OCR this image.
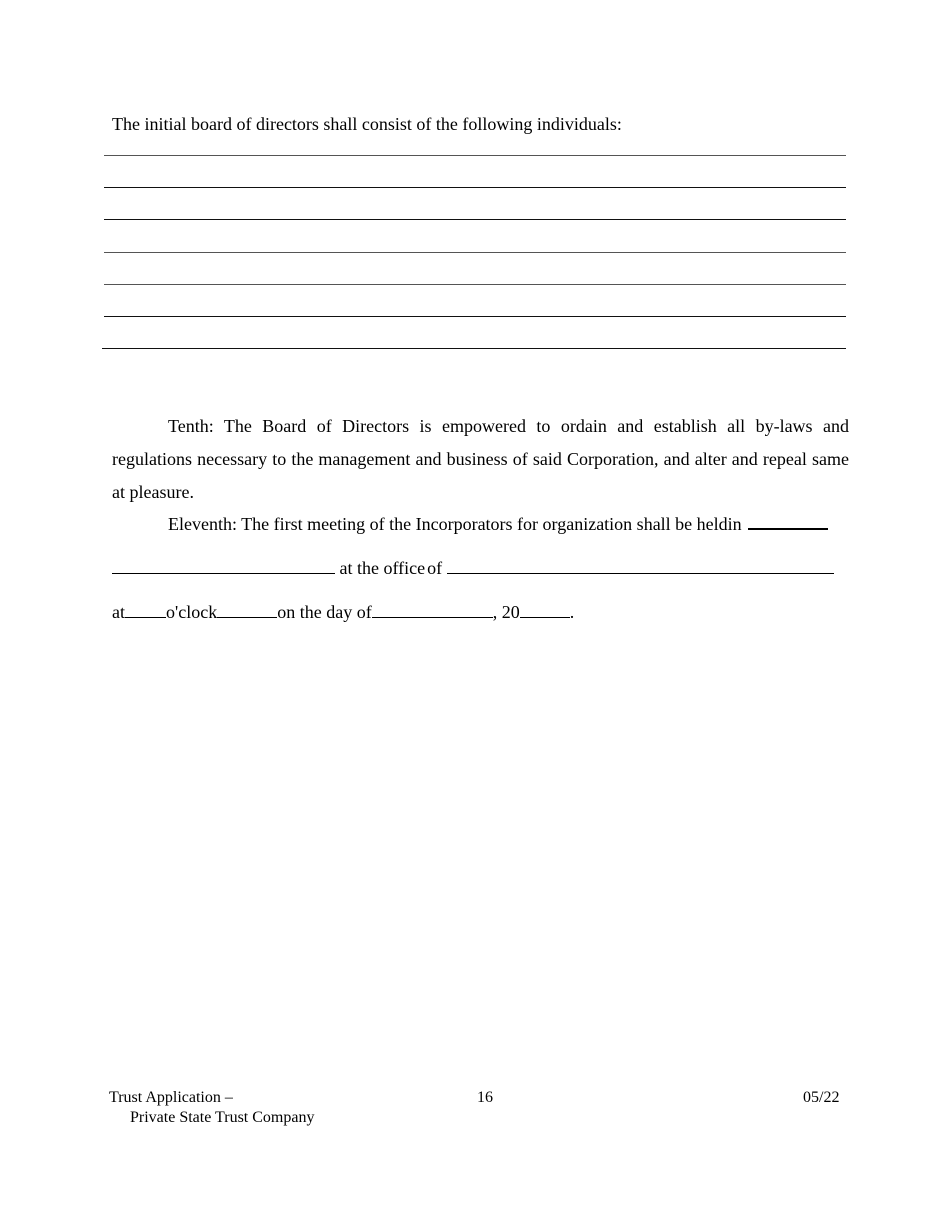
The initial board of directors shall consist of the following individuals:

Tenth: The Board of Directors is empowered to ordain and establish all by-laws and regulations necessary to the management and business of said Corporation, and alter and repeal same at pleasure.

Eleventh: The first meeting of the Incorporators for organization shall be heldin
at the office of
at o'clock	on the day of	, 20	.
Trust Application –
Private State Trust Company
16	05/22
